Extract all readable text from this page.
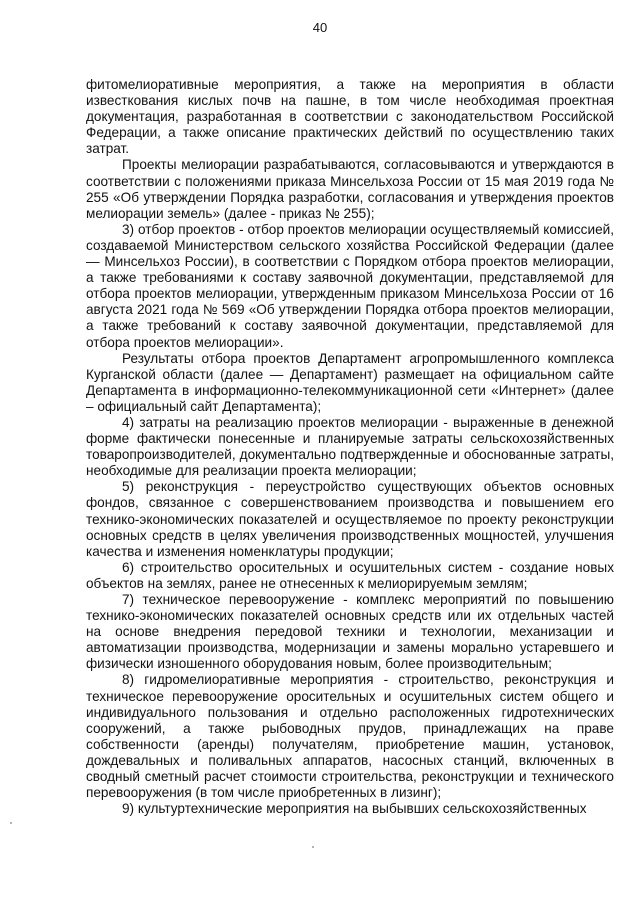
40

фитомелиоративные мероприятия, а также на мероприятия в области известкования кислых почв на пашне, в том числе необходимая проектная документация, разработанная в соответствии с законодательством Российской Федерации, а также описание практических действий по осуществлению таких затрат.

Проекты мелиорации разрабатываются, согласовываются и утверждаются в соответствии с положениями приказа Минсельхоза России от 15 мая 2019 года № 255 «Об утверждении Порядка разработки, согласования и утверждения проектов мелиорации земель» (далее - приказ № 255);

3) отбор проектов - отбор проектов мелиорации осуществляемый комиссией, создаваемой Министерством сельского хозяйства Российской Федерации (далее — Минсельхоз России), в соответствии с Порядком отбора проектов мелиорации, а также требованиями к составу заявочной документации, представляемой для отбора проектов мелиорации, утвержденным приказом Минсельхоза России от 16 августа 2021 года № 569 «Об утверждении Порядка отбора проектов мелиорации, а также требований к составу заявочной документации, представляемой для отбора проектов мелиорации».

Результаты отбора проектов Департамент агропромышленного комплекса Курганской области (далее — Департамент) размещает на официальном сайте Департамента в информационно-телекоммуникационной сети «Интернет» (далее – официальный сайт Департамента);

4) затраты на реализацию проектов мелиорации - выраженные в денежной форме фактически понесенные и планируемые затраты сельскохозяйственных товаропроизводителей, документально подтвержденные и обоснованные затраты, необходимые для реализации проекта мелиорации;

5) реконструкция - переустройство существующих объектов основных фондов, связанное с совершенствованием производства и повышением его технико-экономических показателей и осуществляемое по проекту реконструкции основных средств в целях увеличения производственных мощностей, улучшения качества и изменения номенклатуры продукции;

6) строительство оросительных и осушительных систем - создание новых объектов на землях, ранее не отнесенных к мелиорируемым землям;

7) техническое перевооружение - комплекс мероприятий по повышению технико-экономических показателей основных средств или их отдельных частей на основе внедрения передовой техники и технологии, механизации и автоматизации производства, модернизации и замены морально устаревшего и физически изношенного оборудования новым, более производительным;

8) гидромелиоративные мероприятия - строительство, реконструкция и техническое перевооружение оросительных и осушительных систем общего и индивидуального пользования и отдельно расположенных гидротехнических сооружений, а также рыбоводных прудов, принадлежащих на праве собственности (аренды) получателям, приобретение машин, установок, дождевальных и поливальных аппаратов, насосных станций, включенных в сводный сметный расчет стоимости строительства, реконструкции и технического перевооружения (в том числе приобретенных в лизинг);

9) культуртехнические мероприятия на выбывших сельскохозяйственных
